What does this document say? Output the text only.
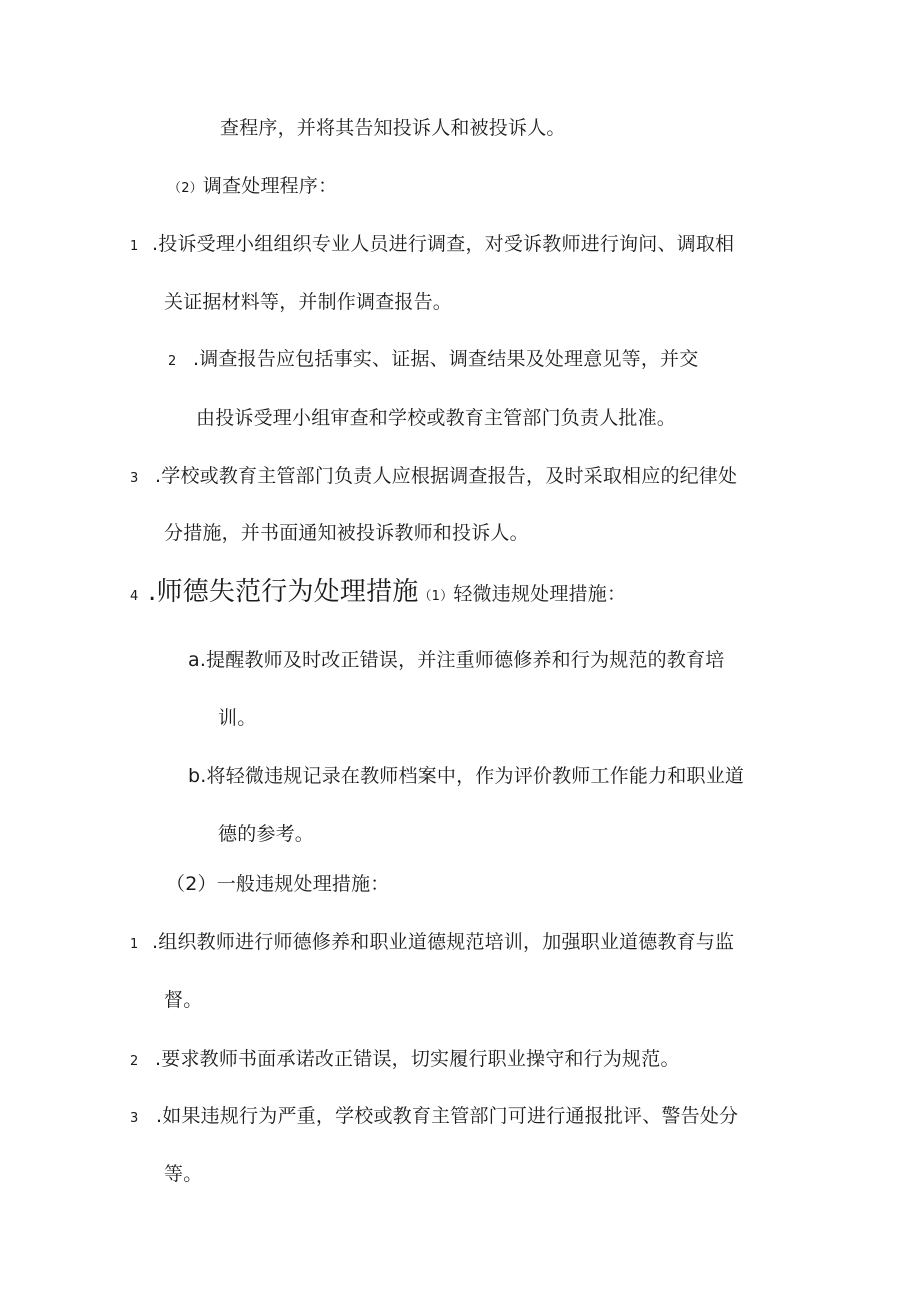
查程序，并将其告知投诉人和被投诉人。
（2）调查处理程序：
1 .投诉受理小组组织专业人员进行调查，对受诉教师进行询问、调取相
关证据材料等，并制作调查报告。
2 .调查报告应包括事实、证据、调查结果及处理意见等，并交
由投诉受理小组审查和学校或教育主管部门负责人批准。
3 .学校或教育主管部门负责人应根据调查报告，及时采取相应的纪律处
分措施，并书面通知被投诉教师和投诉人。
4 .师德失范行为处理措施（1）轻微违规处理措施：
a.提醒教师及时改正错误，并注重师德修养和行为规范的教育培
训。
b.将轻微违规记录在教师档案中，作为评价教师工作能力和职业道
德的参考。
（2）一般违规处理措施：
1 .组织教师进行师德修养和职业道德规范培训，加强职业道德教育与监
督。
2 .要求教师书面承诺改正错误，切实履行职业操守和行为规范。
3 .如果违规行为严重，学校或教育主管部门可进行通报批评、警告处分
等。
